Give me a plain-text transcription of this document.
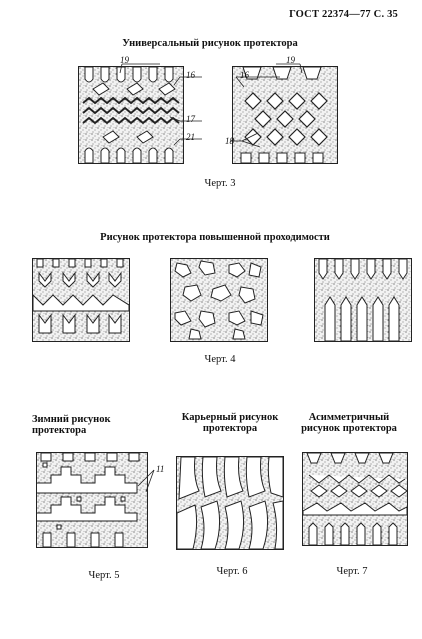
ГОСТ 22374—77 С. 35
Универсальный рисунок протектора
19
16
17
21
16
19
18
Черт. 3
Рисунок протектора повышенной проходимости
Черт. 4
Зимний рисунок протектора
Карьерный рисунок протектора
Асимметричный рисунок протектора
11
Черт. 5	Черт. 6	Черт. 7
